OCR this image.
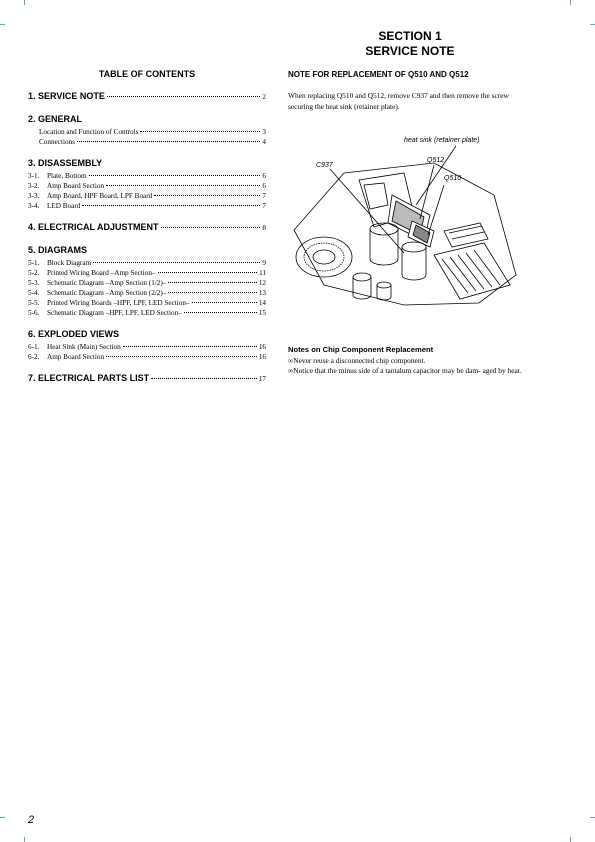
SECTION 1
SERVICE NOTE
TABLE OF CONTENTS
1. SERVICE NOTE	2
2. GENERAL
Location and Function of Controls	3
Connections	4
3. DISASSEMBLY
3-1.	Plate, Bottom	6
3-2.	Amp Board Section	6
3-3.	Amp Board, HPF Board, LPF Board	7
3-4.	LED Board	7
4. ELECTRICAL ADJUSTMENT	8
5. DIAGRAMS
5-1.	Block Diagram	9
5-2.	Printed Wiring Board –Amp Section–	11
5-3.	Schematic Diagram –Amp Section (1/2)–	12
5-4.	Schematic Diagram –Amp Section (2/2)–	13
5-5.	Printed Wiring Boards –HPF, LPF, LED Section–	14
5-6.	Schematic Diagram –HPF, LPF, LED Section–	15
6. EXPLODED VIEWS
6-1.	Heat Sink (Main) Section	16
6-2.	Amp Board Section	16
7. ELECTRICAL PARTS LIST	17
NOTE FOR REPLACEMENT OF Q510 AND Q512
When replacing Q510 and Q512, remove C937 and then remove the screw securing the heat sink (retainer plate).
heat sink (retainer plate)
C937
Q512
Q510
Notes on Chip Component Replacement
∞Never reuse a disconnected chip component.
∞Notice that the minus side of a tantalum capacitor may be dam- aged by heat.
2
